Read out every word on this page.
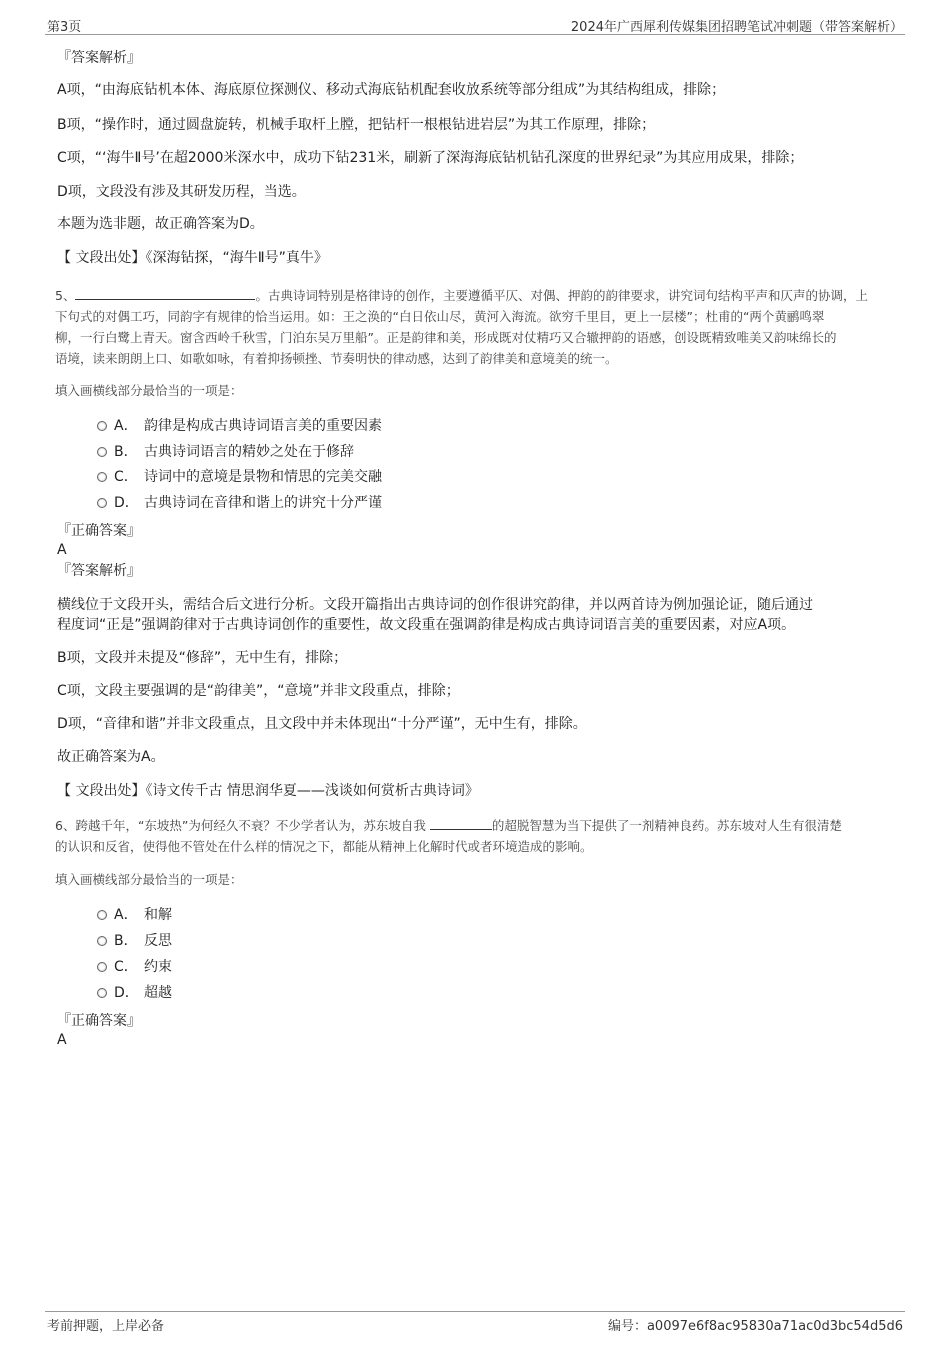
第3页	2024年广西犀利传媒集团招聘笔试冲刺题（带答案解析）
『答案解析』
A项，“由海底钻机本体、海底原位探测仪、移动式海底钻机配套收放系统等部分组成”为其结构组成，排除；
B项，“操作时，通过圆盘旋转，机械手取杆上膛，把钻杆一根根钻进岩层”为其工作原理，排除；
C项，“‘海牛Ⅱ号’在超2000米深水中，成功下钻231米，刷新了深海海底钻机钻孔深度的世界纪录”为其应用成果，排除；
D项，文段没有涉及其研发历程，当选。
本题为选非题，故正确答案为D。
【 文段出处】《深海钻探，“海牛Ⅱ号”真牛》
5、	。古典诗词特别是格律诗的创作，主要遵循平仄、对偶、押韵的韵律要求，讲究词句结构平声和仄声的协调，上
下句式的对偶工巧，同韵字有规律的恰当运用。如：王之涣的“白日依山尽，黄河入海流。欲穷千里目，更上一层楼”；杜甫的“两个黄鹂鸣翠
柳，一行白鹭上青天。窗含西岭千秋雪，门泊东吴万里船”。正是韵律和美，形成既对仗精巧又合辙押韵的语感，创设既精致唯美又韵味绵长的
语境，读来朗朗上口、如歌如咏，有着抑扬顿挫、节奏明快的律动感，达到了韵律美和意境美的统一。
填入画横线部分最恰当的一项是：
A． 韵律是构成古典诗词语言美的重要因素
B． 古典诗词语言的精妙之处在于修辞
C． 诗词中的意境是景物和情思的完美交融
D． 古典诗词在音律和谐上的讲究十分严谨
『正确答案』
A
『答案解析』
横线位于文段开头，需结合后文进行分析。文段开篇指出古典诗词的创作很讲究韵律，并以两首诗为例加强论证，随后通过
程度词“正是”强调韵律对于古典诗词创作的重要性，故文段重在强调韵律是构成古典诗词语言美的重要因素，对应A项。
B项，文段并未提及“修辞”，无中生有，排除；
C项，文段主要强调的是“韵律美”，“意境”并非文段重点，排除；
D项，“音律和谐”并非文段重点，且文段中并未体现出“十分严谨”，无中生有，排除。
故正确答案为A。
【 文段出处】《诗文传千古 情思润华夏——浅谈如何赏析古典诗词》
6、跨越千年，“东坡热”为何经久不衰？不少学者认为，苏东坡自我	的超脱智慧为当下提供了一剂精神良药。苏东坡对人生有很清楚
的认识和反省，使得他不管处在什么样的情况之下，都能从精神上化解时代或者环境造成的影响。
填入画横线部分最恰当的一项是：
A． 和解
B． 反思
C． 约束
D． 超越
『正确答案』
A
考前押题，上岸必备	编号：a0097e6f8ac95830a71ac0d3bc54d5d6
